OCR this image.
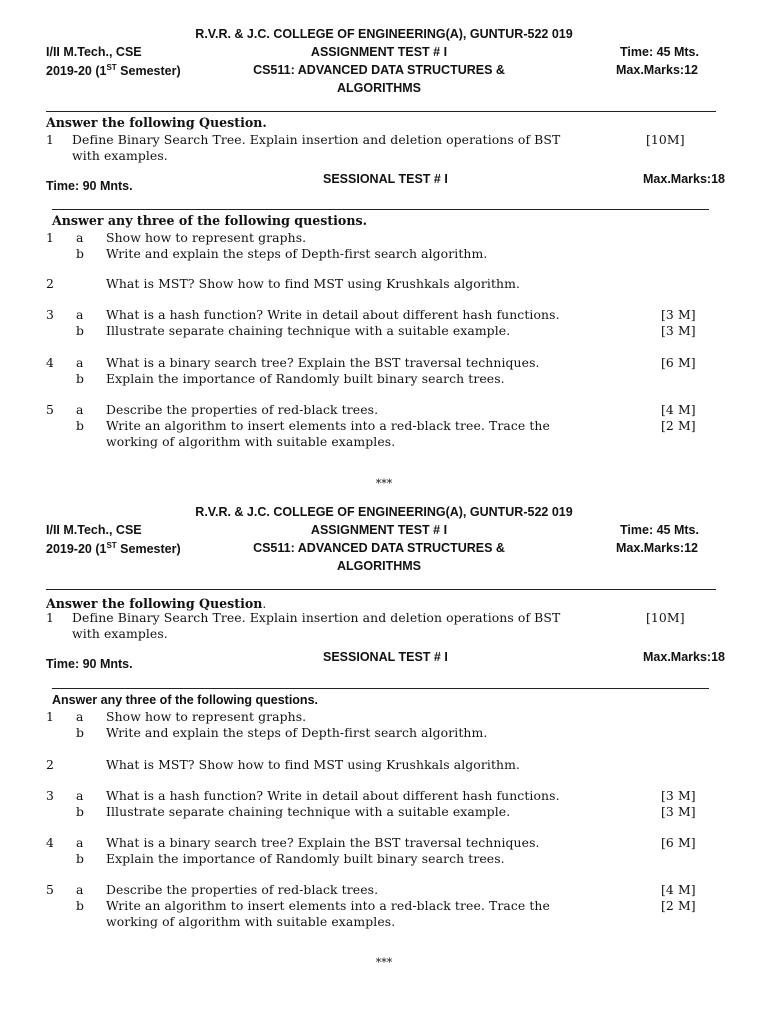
R.V.R. & J.C. COLLEGE OF ENGINEERING(A), GUNTUR-522 019
I/II M.Tech., CSE	ASSIGNMENT TEST # I	Time: 45 Mts.
2019-20 (1ST Semester)	CS511: ADVANCED DATA STRUCTURES &	Max.Marks:12
ALGORITHMS
Answer the following Question.
1 Define Binary Search Tree. Explain insertion and deletion operations of BST	[10M]
with examples.
Time: 90 Mnts.	SESSIONAL TEST # I	Max.Marks:18
Answer any three of the following questions.
1 a Show how to represent graphs.
b Write and explain the steps of Depth-first search algorithm.
2	What is MST? Show how to find MST using Krushkals algorithm.
3 a What is a hash function? Write in detail about different hash functions.	[3 M]
b Illustrate separate chaining technique with a suitable example.	[3 M]
4 a What is a binary search tree? Explain the BST traversal techniques.	[6 M]
b Explain the importance of Randomly built binary search trees.
5 a Describe the properties of red-black trees.	[4 M]
b Write an algorithm to insert elements into a red-black tree. Trace the	[2 M]
working of algorithm with suitable examples.
***
R.V.R. & J.C. COLLEGE OF ENGINEERING(A), GUNTUR-522 019
I/II M.Tech., CSE	ASSIGNMENT TEST # I	Time: 45 Mts.
2019-20 (1ST Semester)	CS511: ADVANCED DATA STRUCTURES &	Max.Marks:12
ALGORITHMS
Answer the following Question.
1 Define Binary Search Tree. Explain insertion and deletion operations of BST	[10M]
with examples.
Time: 90 Mnts.	SESSIONAL TEST # I	Max.Marks:18
Answer any three of the following questions.
1 a Show how to represent graphs.
b Write and explain the steps of Depth-first search algorithm.
2	What is MST? Show how to find MST using Krushkals algorithm.
3 a What is a hash function? Write in detail about different hash functions.	[3 M]
b Illustrate separate chaining technique with a suitable example.	[3 M]
4 a What is a binary search tree? Explain the BST traversal techniques.	[6 M]
b Explain the importance of Randomly built binary search trees.
5 a Describe the properties of red-black trees.	[4 M]
b Write an algorithm to insert elements into a red-black tree. Trace the	[2 M]
working of algorithm with suitable examples.
***
